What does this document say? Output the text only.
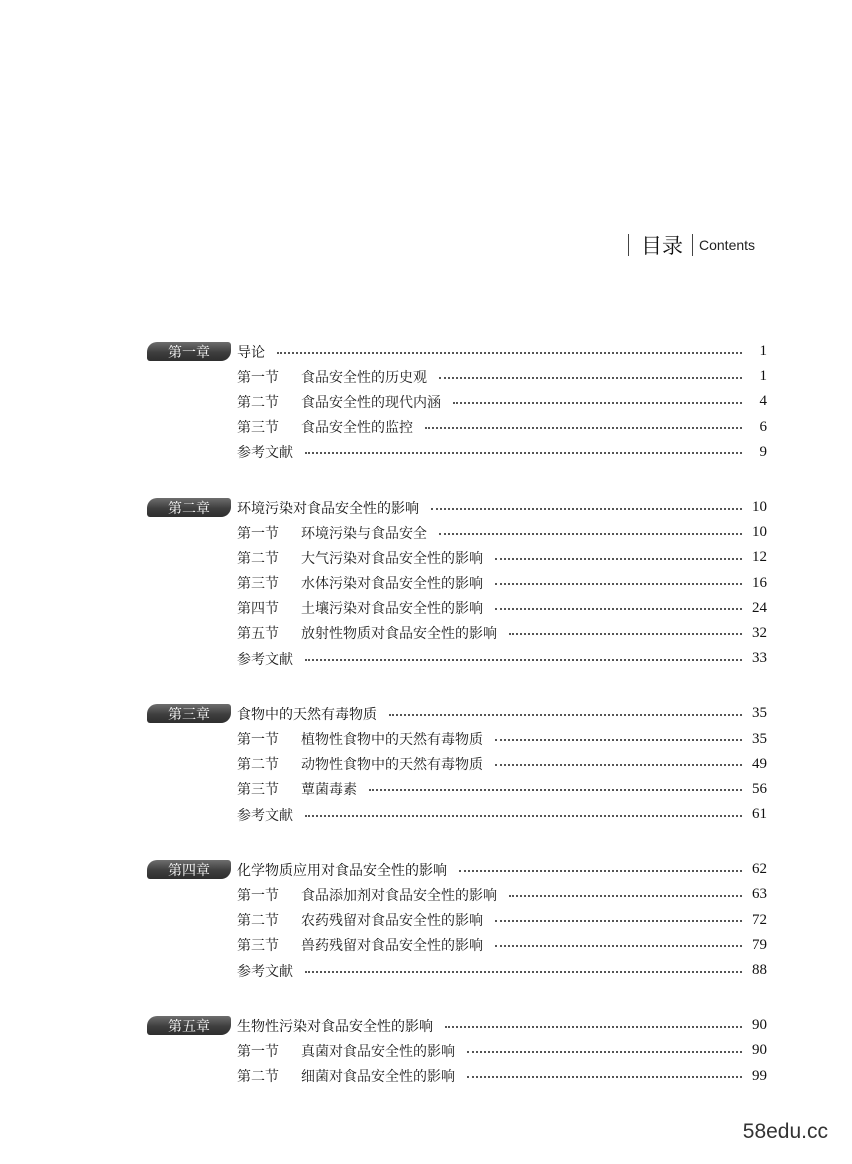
目录 Contents
第一章	导论	1
第一节 食品安全性的历史观	1
第二节 食品安全性的现代内涵	4
第三节 食品安全性的监控	6
参考文献	9
第二章	环境污染对食品安全性的影响	10
第一节 环境污染与食品安全	10
第二节 大气污染对食品安全性的影响	12
第三节 水体污染对食品安全性的影响	16
第四节 土壤污染对食品安全性的影响	24
第五节 放射性物质对食品安全性的影响	32
参考文献	33
第三章	食物中的天然有毒物质	35
第一节 植物性食物中的天然有毒物质	35
第二节 动物性食物中的天然有毒物质	49
第三节 蕈菌毒素	56
参考文献	61
第四章	化学物质应用对食品安全性的影响	62
第一节 食品添加剂对食品安全性的影响	63
第二节 农药残留对食品安全性的影响	72
第三节 兽药残留对食品安全性的影响	79
参考文献	88
第五章	生物性污染对食品安全性的影响	90
第一节 真菌对食品安全性的影响	90
第二节 细菌对食品安全性的影响	99
58edu.cc
